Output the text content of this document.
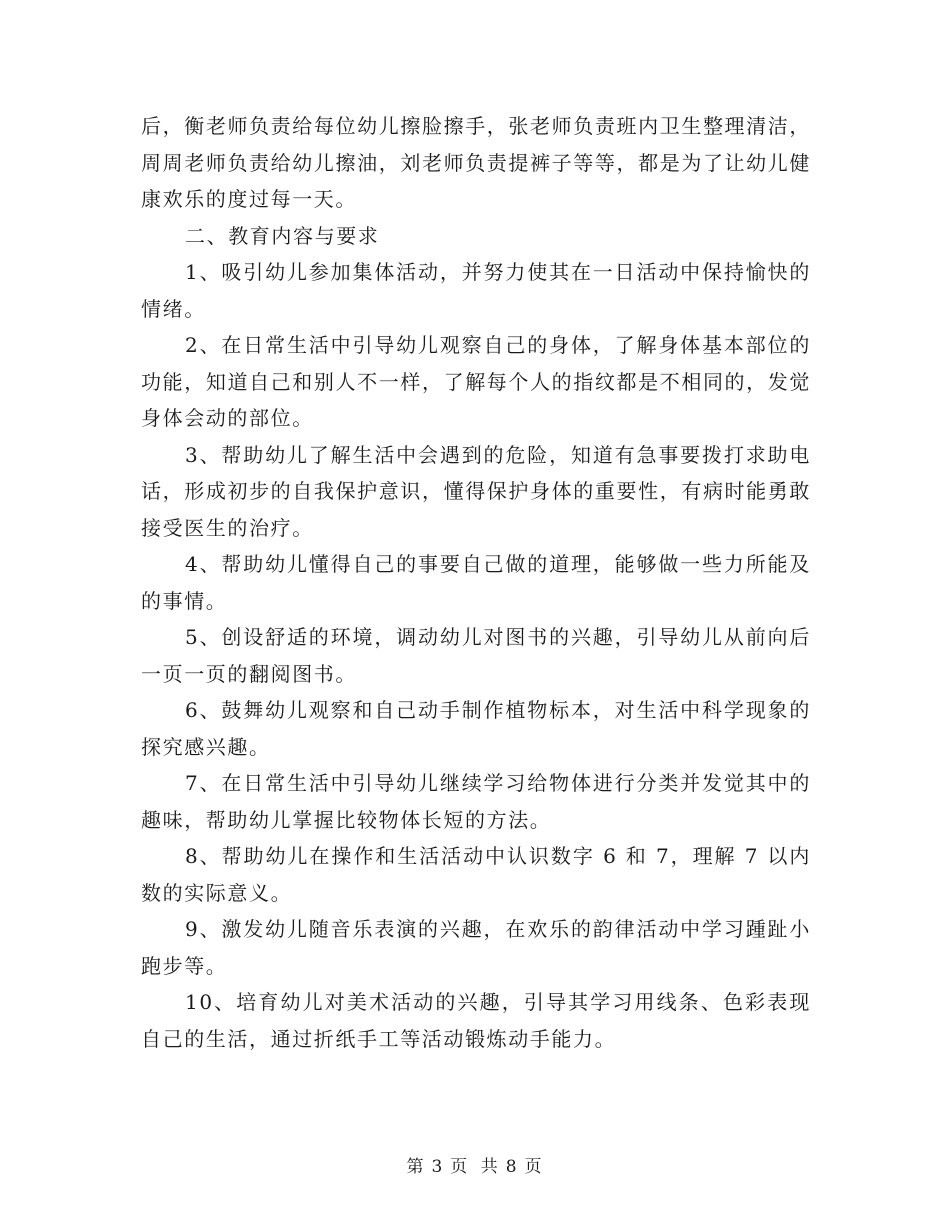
后，衡老师负责给每位幼儿擦脸擦手，张老师负责班内卫生整理清洁，周周老师负责给幼儿擦油，刘老师负责提裤子等等，都是为了让幼儿健康欢乐的度过每一天。

二、教育内容与要求

1、吸引幼儿参加集体活动，并努力使其在一日活动中保持愉快的情绪。

2、在日常生活中引导幼儿观察自己的身体，了解身体基本部位的功能，知道自己和别人不一样，了解每个人的指纹都是不相同的，发觉身体会动的部位。

3、帮助幼儿了解生活中会遇到的危险，知道有急事要拨打求助电话，形成初步的自我保护意识，懂得保护身体的重要性，有病时能勇敢接受医生的治疗。

4、帮助幼儿懂得自己的事要自己做的道理，能够做一些力所能及的事情。

5、创设舒适的环境，调动幼儿对图书的兴趣，引导幼儿从前向后一页一页的翻阅图书。

6、鼓舞幼儿观察和自己动手制作植物标本，对生活中科学现象的探究感兴趣。

7、在日常生活中引导幼儿继续学习给物体进行分类并发觉其中的趣味，帮助幼儿掌握比较物体长短的方法。

8、帮助幼儿在操作和生活活动中认识数字 6 和 7，理解 7 以内数的实际意义。

9、激发幼儿随音乐表演的兴趣，在欢乐的韵律活动中学习踵趾小跑步等。

10、培育幼儿对美术活动的兴趣，引导其学习用线条、色彩表现自己的生活，通过折纸手工等活动锻炼动手能力。

第 3 页 共 8 页
